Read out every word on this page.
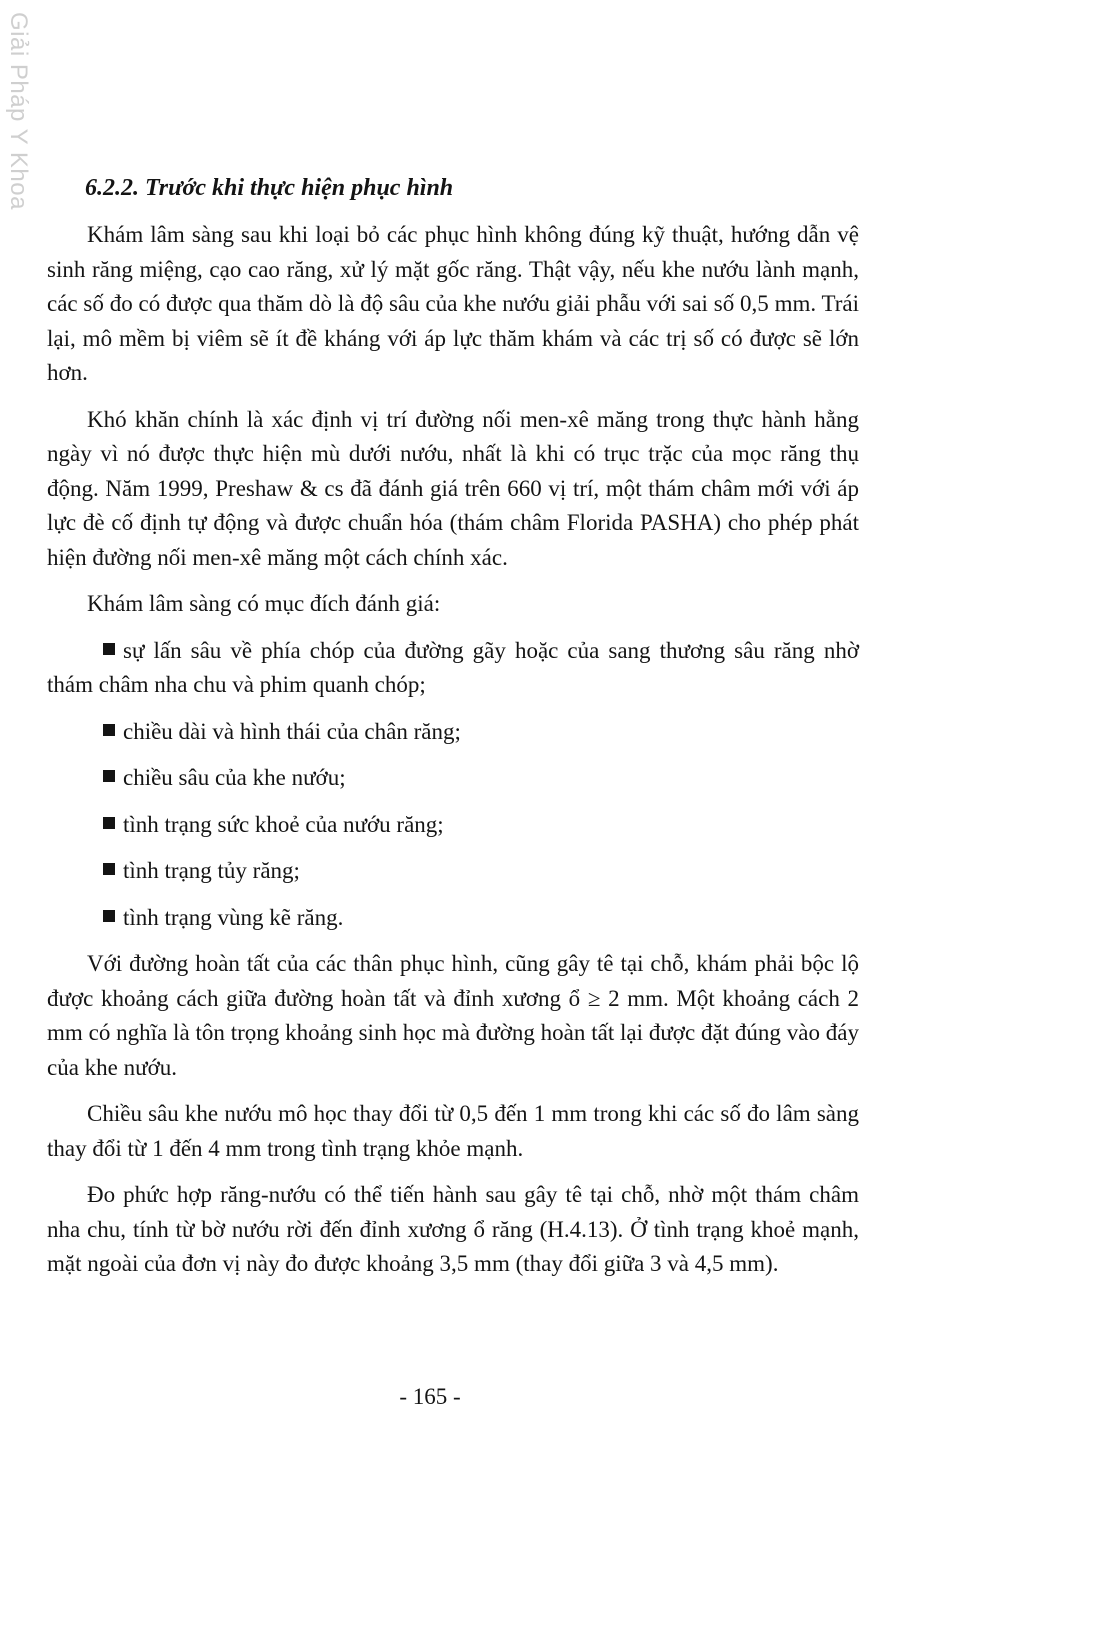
Giải Pháp Y Khoa 6.2.2. Trước khi thực hiện phục hình

Khám lâm sàng sau khi loại bỏ các phục hình không đúng kỹ thuật, hướng dẫn vệ sinh răng miệng, cạo cao răng, xử lý mặt gốc răng. Thật vậy, nếu khe nướu lành mạnh, các số đo có được qua thăm dò là độ sâu của khe nướu giải phẫu với sai số 0,5 mm. Trái lại, mô mềm bị viêm sẽ ít đề kháng với áp lực thăm khám và các trị số có được sẽ lớn hơn.

Khó khăn chính là xác định vị trí đường nối men-xê măng trong thực hành hằng ngày vì nó được thực hiện mù dưới nướu, nhất là khi có trục trặc của mọc răng thụ động. Năm 1999, Preshaw & cs đã đánh giá trên 660 vị trí, một thám châm mới với áp lực đè cố định tự động và được chuẩn hóa (thám châm Florida PASHA) cho phép phát hiện đường nối men-xê măng một cách chính xác.

Khám lâm sàng có mục đích đánh giá:

sự lấn sâu về phía chóp của đường gãy hoặc của sang thương sâu răng nhờ thám châm nha chu và phim quanh chóp;

chiều dài và hình thái của chân răng;

chiều sâu của khe nướu;

tình trạng sức khoẻ của nướu răng;

tình trạng tủy răng;

tình trạng vùng kẽ răng.

Với đường hoàn tất của các thân phục hình, cũng gây tê tại chỗ, khám phải bộc lộ được khoảng cách giữa đường hoàn tất và đỉnh xương ổ ≥ 2 mm. Một khoảng cách 2 mm có nghĩa là tôn trọng khoảng sinh học mà đường hoàn tất lại được đặt đúng vào đáy của khe nướu.

Chiều sâu khe nướu mô học thay đổi từ 0,5 đến 1 mm trong khi các số đo lâm sàng thay đổi từ 1 đến 4 mm trong tình trạng khỏe mạnh.

Đo phức hợp răng-nướu có thể tiến hành sau gây tê tại chỗ, nhờ một thám châm nha chu, tính từ bờ nướu rời đến đỉnh xương ổ răng (H.4.13). Ở tình trạng khoẻ mạnh, mặt ngoài của đơn vị này đo được khoảng 3,5 mm (thay đổi giữa 3 và 4,5 mm).

- 165 -
